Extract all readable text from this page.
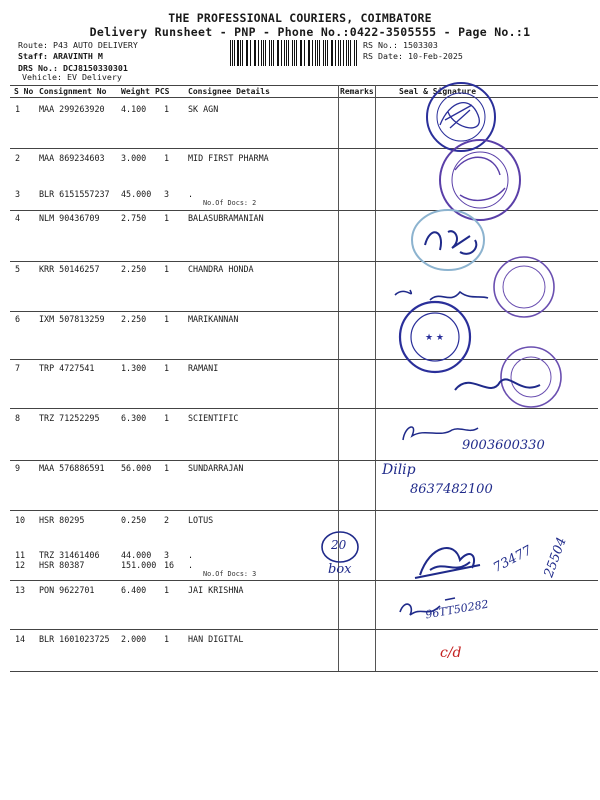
THE PROFESSIONAL COURIERS, COIMBATORE
Delivery Runsheet - PNP - Phone No.:0422-3505555 - Page No.:1
Route: P43 AUTO DELIVERY
Staff: ARAVINTH M
DRS No.: DCJ8150330301
Vehicle: EV Delivery
RS No.: 1503303
RS Date: 10-Feb-2025
S No Consignment No Weight PCS Consignee Details	Remarks	Seal & Signature
1 MAA 299263920 4.100 1 SK AGN
2 MAA 869234603 3.000 1 MID FIRST PHARMA
3 BLR 6151557237 45.000 3 .
No.Of Docs: 2
4 NLM 90436709	2.750 1 BALASUBRAMANIAN
5 KRR 50146257	2.250 1 CHANDRA HONDA
6 IXM 507813259 2.250 1 MARIKANNAN
7 TRP 4727541	1.300 1 RAMANI
8 TRZ 71252295	6.300 1 SCIENTIFIC
9 MAA 576886591 56.000 1 SUNDARRAJAN
10 HSR 80295	0.250 2 LOTUS
11 TRZ 31461406	44.000 3 .
12 HSR 80387	151.000 16 .
No.Of Docs: 3
13 PON 9622701	6.400 1 JAI KRISHNA
14 BLR 1601023725 2.000 1 HAN DIGITAL
★ ★
9003600330
Dilip
8637482100
20
box	73477 25504
96TT50282
c/d
